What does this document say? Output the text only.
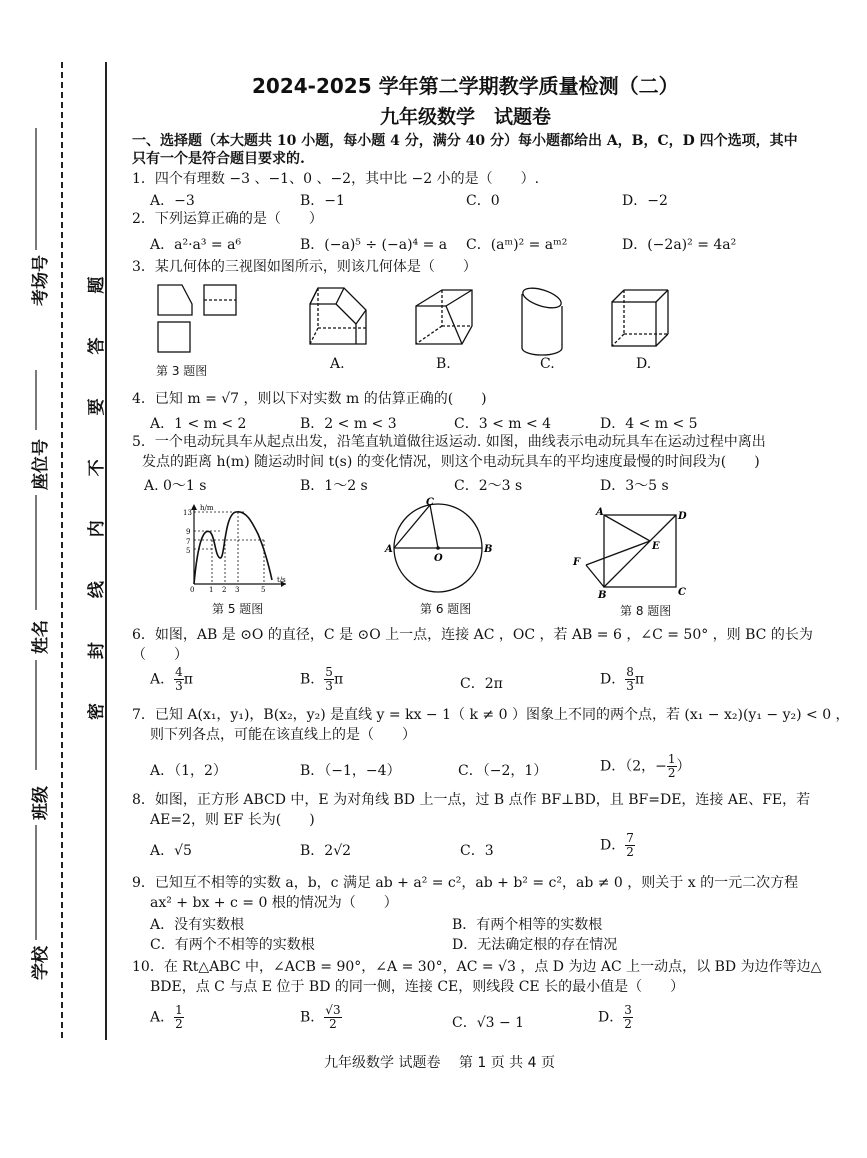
考场号
座位号
姓名
班级
学校
密 封 线 内 不 要 答 题
2024-2025 学年第二学期教学质量检测（二）
九年级数学　试题卷
一、选择题（本大题共 10 小题，每小题 4 分，满分 40 分）每小题都给出 A，B，C，D 四个选项，其中
只有一个是符合题目要求的.
1．四个有理数 −3 、−1、0 、−2，其中比 −2 小的是（　　）.
A．−3	B．−1	C．0	D．−2
2．下列运算正确的是（　　）
A．a²·a³ = a⁶	B．(−a)⁵ ÷ (−a)⁴ = a C．(aᵐ)² = aᵐ²	D．(−2a)² = 4a²
3．某几何体的三视图如图所示，则该几何体是（　　）
第 3 题图	A.	B.	C.	D.
4．已知 m = √7 ，则以下对实数 m 的估算正确的(　　)
A．1 < m < 2	B．2 < m < 3	C．3 < m < 4	D．4 < m < 5
5．一个电动玩具车从起点出发，沿笔直轨道做往返运动. 如图，曲线表示电动玩具车在运动过程中离出
发点的距离 h(m) 随运动时间 t(s) 的变化情况，则这个电动玩具车的平均速度最慢的时间段为(　　)
A. 0～1 s	B．1～2 s	C．2～3 s	D．3～5 s
h/m
t/s
13
9
7
5
0 1 2 3	5
第 5 题图
C
A
O
B
第 6 题图
A	D
E
F
B	C
第 8 题图
6．如图，AB 是 ⊙O 的直径，C 是 ⊙O 上一点，连接 AC ，OC ，若 AB = 6 ，∠C = 50° ，则 BC 的长为
（　　）
A． $\frac{4}{3}$ π	B． $\frac{5}{3}$ π	C．2π	D． $\frac{8}{3}$ π
7．已知 A(x₁，y₁)，B(x₂，y₂) 是直线 y = kx − 1（ k ≠ 0 ）图象上不同的两个点，若 (x₁ − x₂)(y₁ − y₂) < 0 ，
则下列各点，可能在该直线上的是（　　）
A．（1，2）	B．（−1，−4）	C．（−2，1）	D．（2，− $\frac{1}{2}$ ）
8．如图，正方形 ABCD 中，E 为对角线 BD 上一点，过 B 点作 BF⊥BD，且 BF=DE，连接 AE、FE，若
AE=2，则 EF 长为(　　)
A．√5	B．2√2	C．3	D． $\frac{7}{2}$
9．已知互不相等的实数 a，b，c 满足 ab + a² = c²，ab + b² = c²，ab ≠ 0 ，则关于 x 的一元二次方程
ax² + bx + c = 0 根的情况为（　　）
A．没有实数根	B．有两个相等的实数根
C．有两个不相等的实数根	D．无法确定根的存在情况
10．在 Rt△ABC 中，∠ACB = 90°，∠A = 30°，AC = √3 ，点 D 为边 AC 上一动点，以 BD 为边作等边△
BDE，点 C 与点 E 位于 BD 的同一侧，连接 CE，则线段 CE 长的最小值是（　　）
A． $\frac{1}{2}$	B． $\frac{√3}{2}$	C．√3 − 1	D． $\frac{3}{2}$
九年级数学 试题卷　 第 1 页 共 4 页
